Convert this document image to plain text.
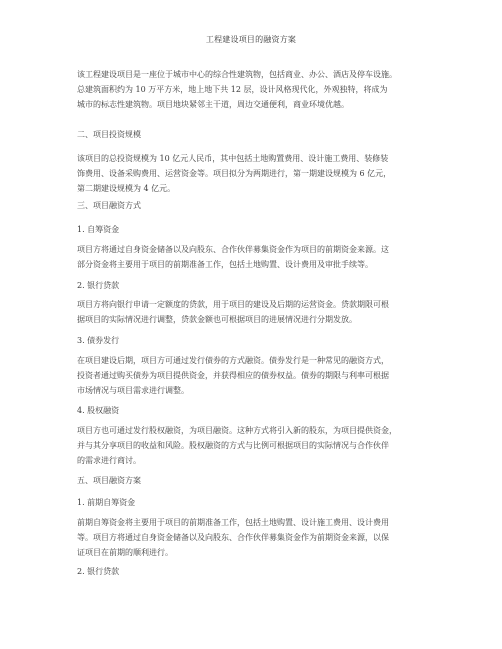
工程建设项目的融资方案
该工程建设项目是一座位于城市中心的综合性建筑物，包括商业、办公、酒店及停车设施。
总建筑面积约为 10 万平方米，地上地下共 12 层，设计风格现代化，外观独特，将成为
城市的标志性建筑物。项目地块紧邻主干道，周边交通便利，商业环境优越。
二、项目投资规模
该项目的总投资规模为 10 亿元人民币，其中包括土地购置费用、设计施工费用、装修装
饰费用、设备采购费用、运营资金等。项目拟分为两期进行，第一期建设规模为 6 亿元，
第二期建设规模为 4 亿元。
三、项目融资方式
1. 自筹资金
项目方将通过自身资金储备以及向股东、合作伙伴募集资金作为项目的前期资金来源。这
部分资金将主要用于项目的前期准备工作，包括土地购置、设计费用及审批手续等。
2. 银行贷款
项目方将向银行申请一定额度的贷款，用于项目的建设及后期的运营资金。贷款期限可根
据项目的实际情况进行调整，贷款金额也可根据项目的进展情况进行分期发放。
3. 债券发行
在项目建设后期，项目方可通过发行债券的方式融资。债券发行是一种常见的融资方式，
投资者通过购买债券为项目提供资金，并获得相应的债券权益。债券的期限与利率可根据
市场情况与项目需求进行调整。
4. 股权融资
项目方也可通过发行股权融资，为项目融资。这种方式将引入新的股东，为项目提供资金，
并与其分享项目的收益和风险。股权融资的方式与比例可根据项目的实际情况与合作伙伴
的需求进行商讨。
五、项目融资方案
1. 前期自筹资金
前期自筹资金将主要用于项目的前期准备工作，包括土地购置、设计施工费用、设计费用
等。项目方将通过自身资金储备以及向股东、合作伙伴募集资金作为前期资金来源，以保
证项目在前期的顺利进行。
2. 银行贷款
